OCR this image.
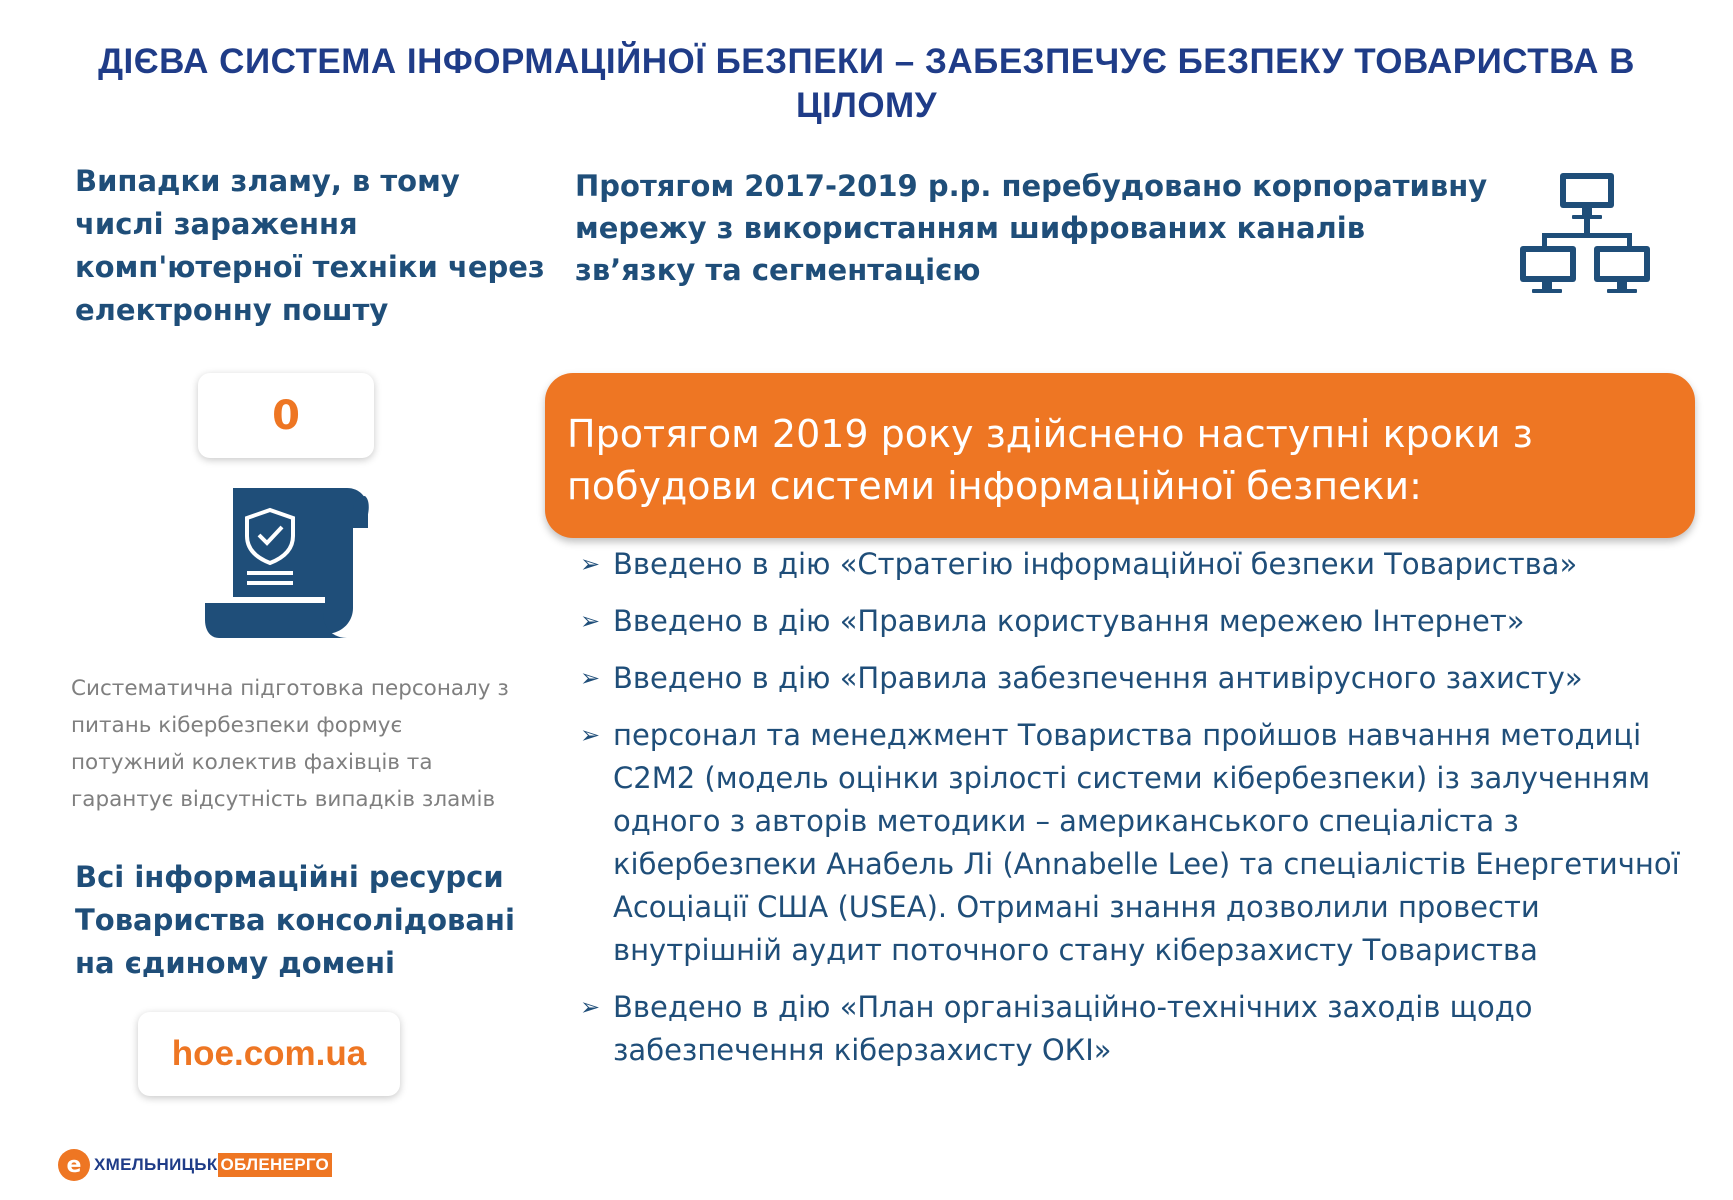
ДІЄВА СИСТЕМА ІНФОРМАЦІЙНОЇ БЕЗПЕКИ – ЗАБЕЗПЕЧУЄ БЕЗПЕКУ ТОВАРИСТВА В ЦІЛОМУ
Випадки зламу, в тому числі зараження комп'ютерної техніки через електронну пошту
Протягом 2017-2019 р.р. перебудовано корпоративну мережу з використанням шифрованих каналів зв’язку та сегментацією
0
Систематична підготовка персоналу з питань кібербезпеки формує потужний колектив фахівців та гарантує відсутність випадків зламів
Всі інформаційні ресурси Товариства консолідовані на єдиному домені
hoe.com.ua
Протягом 2019 року здійснено наступні кроки з побудови системи інформаційної безпеки:
➢ Введено в дію «Стратегію інформаційної безпеки Товариства»
➢ Введено в дію «Правила користування мережею Інтернет»
➢ Введено в дію «Правила забезпечення антивірусного захисту»
➢ персонал та менеджмент Товариства пройшов навчання методиці С2М2 (модель оцінки зрілості системи кібербезпеки) із залученням одного з авторів методики – американського спеціаліста з кібербезпеки Анабель Лі (Annabelle Lee) та спеціалістів Енергетичної Асоціації США (USEA). Отримані знання дозволили провести внутрішній аудит поточного стану кіберзахисту Товариства
➢ Введено в дію «План організаційно-технічних заходів щодо забезпечення кіберзахисту ОКІ»
е ХМЕЛЬНИЦЬК ОБЛЕНЕРГО
